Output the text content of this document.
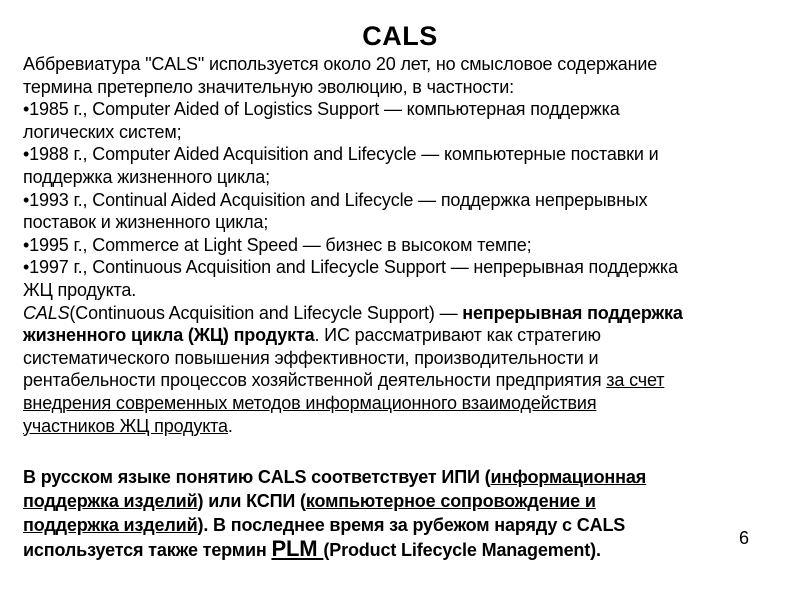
CALS
Аббревиатура "CALS" используется около 20 лет, но смысловое содержание
термина претерпело значительную эволюцию, в частности:
•1985 г., Computer Aided of Logistics Support — компьютерная поддержка
логических систем;
•1988 г., Computer Aided Acquisition and Lifecycle — компьютерные поставки и
поддержка жизненного цикла;
•1993 г., Continual Aided Acquisition and Lifecycle — поддержка непрерывных
поставок и жизненного цикла;
•1995 г., Commerce at Light Speed — бизнес в высоком темпе;
•1997 г., Continuous Acquisition and Lifecycle Support — непрерывная поддержка
ЖЦ продукта.
CALS(Continuous Acquisition and Lifecycle Support) — непрерывная поддержка
жизненного цикла (ЖЦ) продукта. ИС рассматривают как стратегию
систематического повышения эффективности, производительности и
рентабельности процессов хозяйственной деятельности предприятия за счет
внедрения современных методов информационного взаимодействия
участников ЖЦ продукта.
В русском языке понятию CALS соответствует ИПИ (информационная
поддержка изделий) или КСПИ (компьютерное сопровождение и
поддержка изделий). В последнее время за рубежом наряду с CALS
используется также термин PLM (Product Lifecycle Management).
6
